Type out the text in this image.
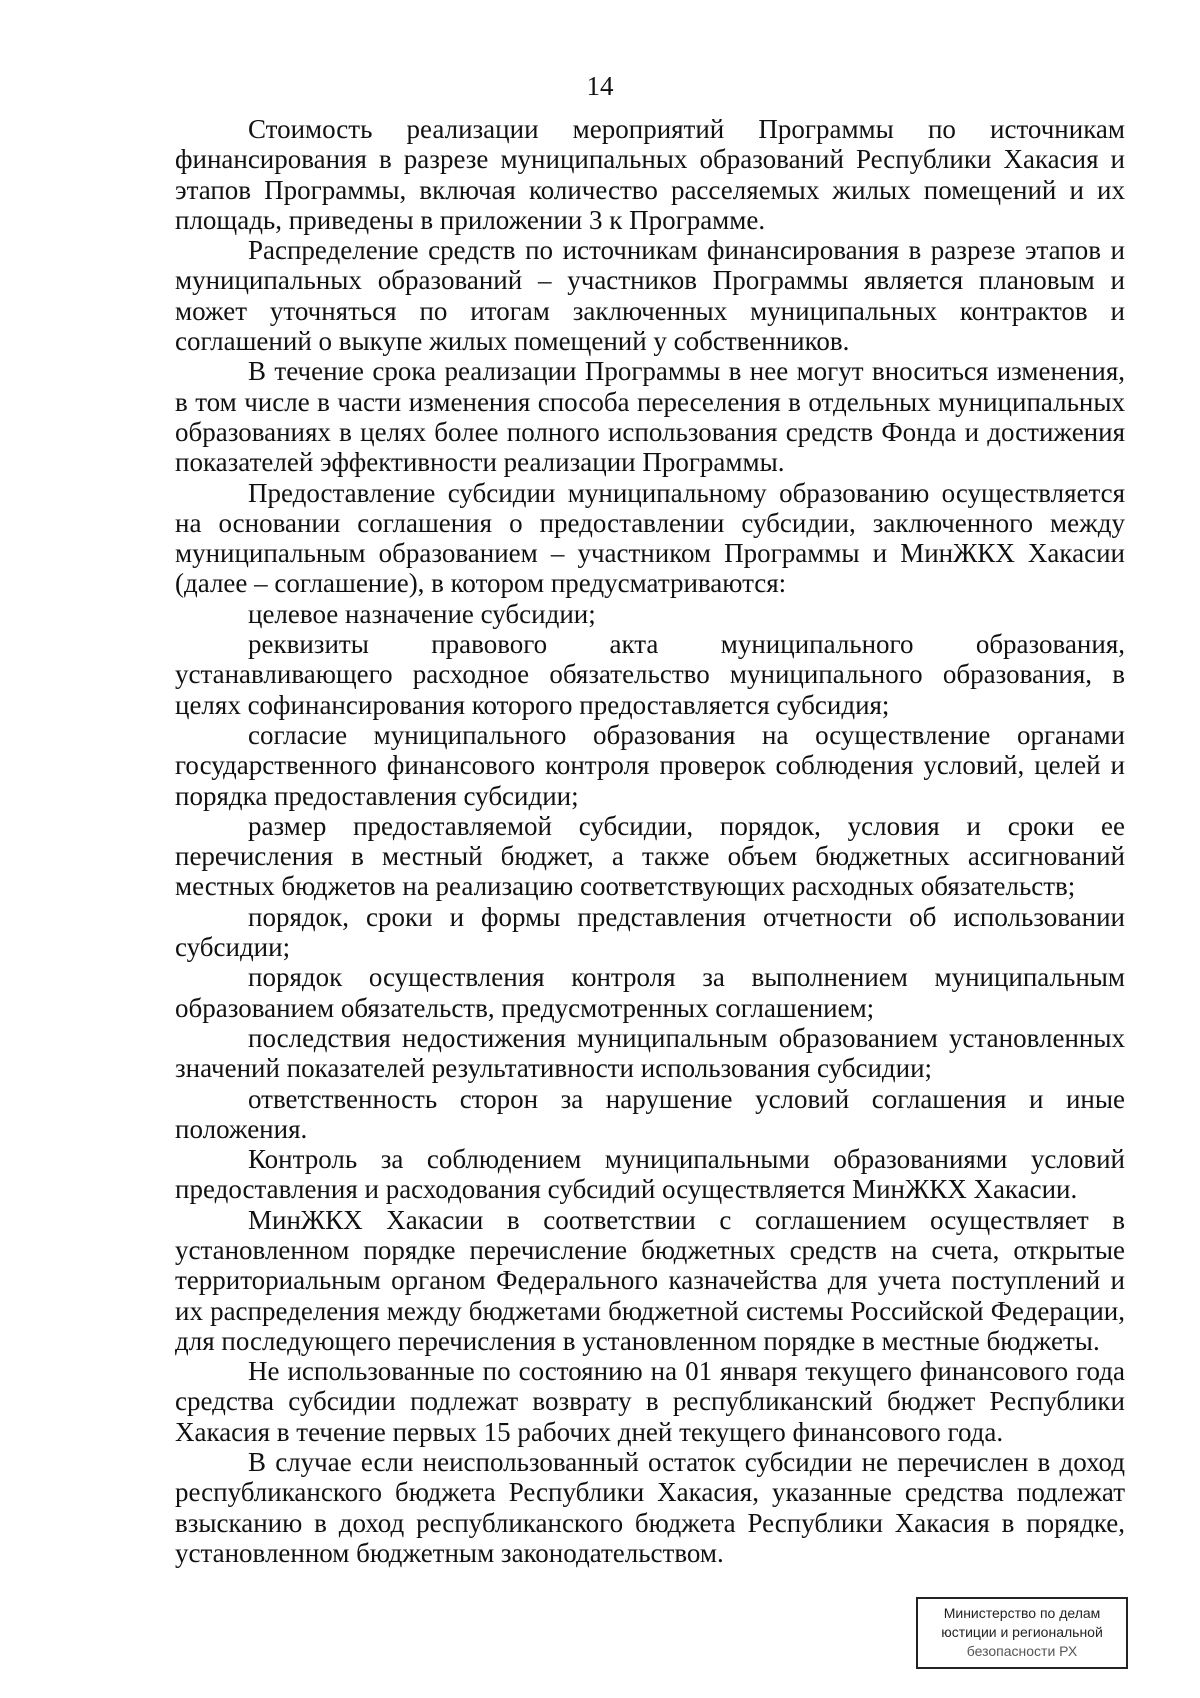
14

Стоимость реализации мероприятий Программы по источникам финансирования в разрезе муниципальных образований Республики Хакасия и этапов Программы, включая количество расселяемых жилых помещений и их площадь, приведены в приложении 3 к Программе.

Распределение средств по источникам финансирования в разрезе этапов и муниципальных образований – участников Программы является плановым и может уточняться по итогам заключенных муниципальных контрактов и соглашений о выкупе жилых помещений у собственников.

В течение срока реализации Программы в нее могут вноситься изменения, в том числе в части изменения способа переселения в отдельных муниципальных образованиях в целях более полного использования средств Фонда и достижения показателей эффективности реализации Программы.

Предоставление субсидии муниципальному образованию осуществляется на основании соглашения о предоставлении субсидии, заключенного между муниципальным образованием – участником Программы и МинЖКХ Хакасии (далее – соглашение), в котором предусматриваются:

целевое назначение субсидии;

реквизиты правового акта муниципального образования, устанавливающего расходное обязательство муниципального образования, в целях софинансирования которого предоставляется субсидия;

согласие муниципального образования на осуществление органами государственного финансового контроля проверок соблюдения условий, целей и порядка предоставления субсидии;

размер предоставляемой субсидии, порядок, условия и сроки ее перечисления в местный бюджет, а также объем бюджетных ассигнований местных бюджетов на реализацию соответствующих расходных обязательств;

порядок, сроки и формы представления отчетности об использовании субсидии;

порядок осуществления контроля за выполнением муниципальным образованием обязательств, предусмотренных соглашением;

последствия недостижения муниципальным образованием установленных значений показателей результативности использования субсидии;

ответственность сторон за нарушение условий соглашения и иные положения.

Контроль за соблюдением муниципальными образованиями условий предоставления и расходования субсидий осуществляется МинЖКХ Хакасии.

МинЖКХ Хакасии в соответствии с соглашением осуществляет в установленном порядке перечисление бюджетных средств на счета, открытые территориальным органом Федерального казначейства для учета поступлений и их распределения между бюджетами бюджетной системы Российской Федерации, для последующего перечисления в установленном порядке в местные бюджеты.

Не использованные по состоянию на 01 января текущего финансового года средства субсидии подлежат возврату в республиканский бюджет Республики Хакасия в течение первых 15 рабочих дней текущего финансового года.

В случае если неиспользованный остаток субсидии не перечислен в доход республиканского бюджета Республики Хакасия, указанные средства подлежат взысканию в доход республиканского бюджета Республики Хакасия в порядке, установленном бюджетным законодательством.

Министерство по делам
юстиции и региональной
безопасности РХ
